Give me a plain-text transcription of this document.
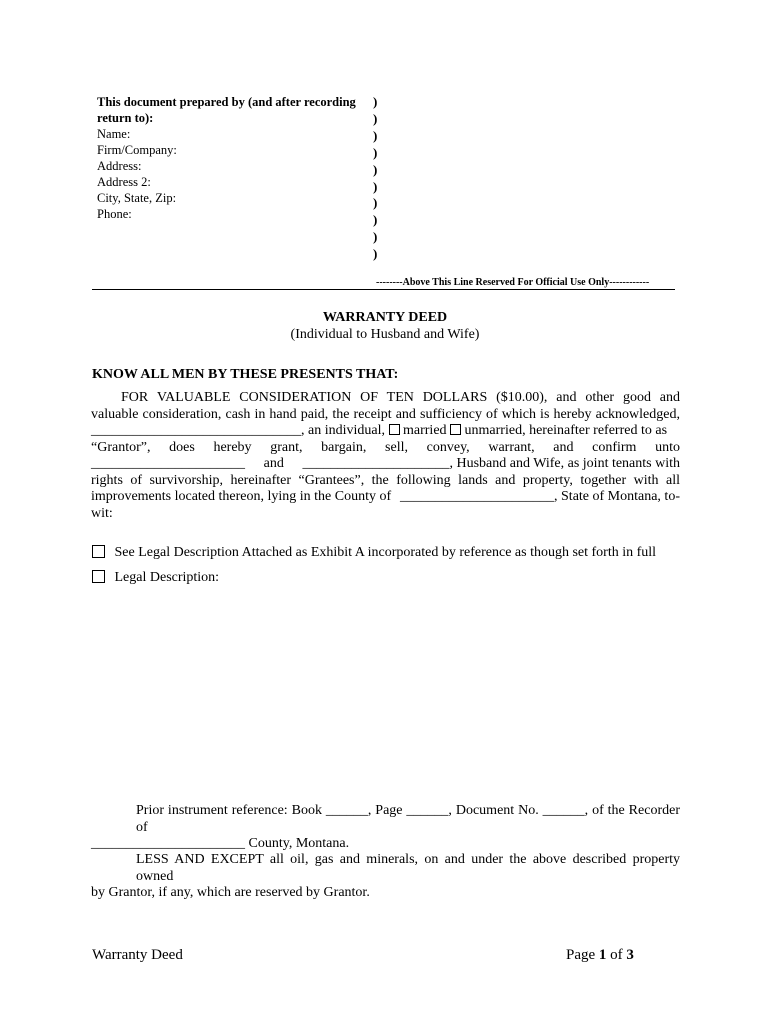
This document prepared by (and after recording
return to):
Name:
Firm/Company:
Address:
Address 2:
City, State, Zip:
Phone:
)
)
)
)
)
)
)
)
)
)
--------Above This Line Reserved For Official Use Only------------
WARRANTY DEED
(Individual to Husband and Wife)
KNOW ALL MEN BY THESE PRESENTS THAT:
FOR VALUABLE CONSIDERATION OF TEN DOLLARS ($10.00), and other good and
valuable consideration, cash in hand paid, the receipt and sufficiency of which is hereby acknowledged,
______________________________, an individual, married unmarried, hereinafter referred to as
“Grantor”, does hereby grant, bargain, sell, convey, warrant, and confirm unto
______________________ and _____________________, Husband and Wife, as joint tenants with
rights of survivorship, hereinafter “Grantees”, the following lands and property, together with all
improvements located thereon, lying in the County of ______________________, State of Montana, to-
wit:
See Legal Description Attached as Exhibit A incorporated by reference as though set forth in full
Legal Description:
Prior instrument reference: Book ______, Page ______, Document No. ______, of the Recorder of
______________________ County, Montana.
LESS AND EXCEPT all oil, gas and minerals, on and under the above described property owned
by Grantor, if any, which are reserved by Grantor.
Warranty Deed	Page 1 of 3
